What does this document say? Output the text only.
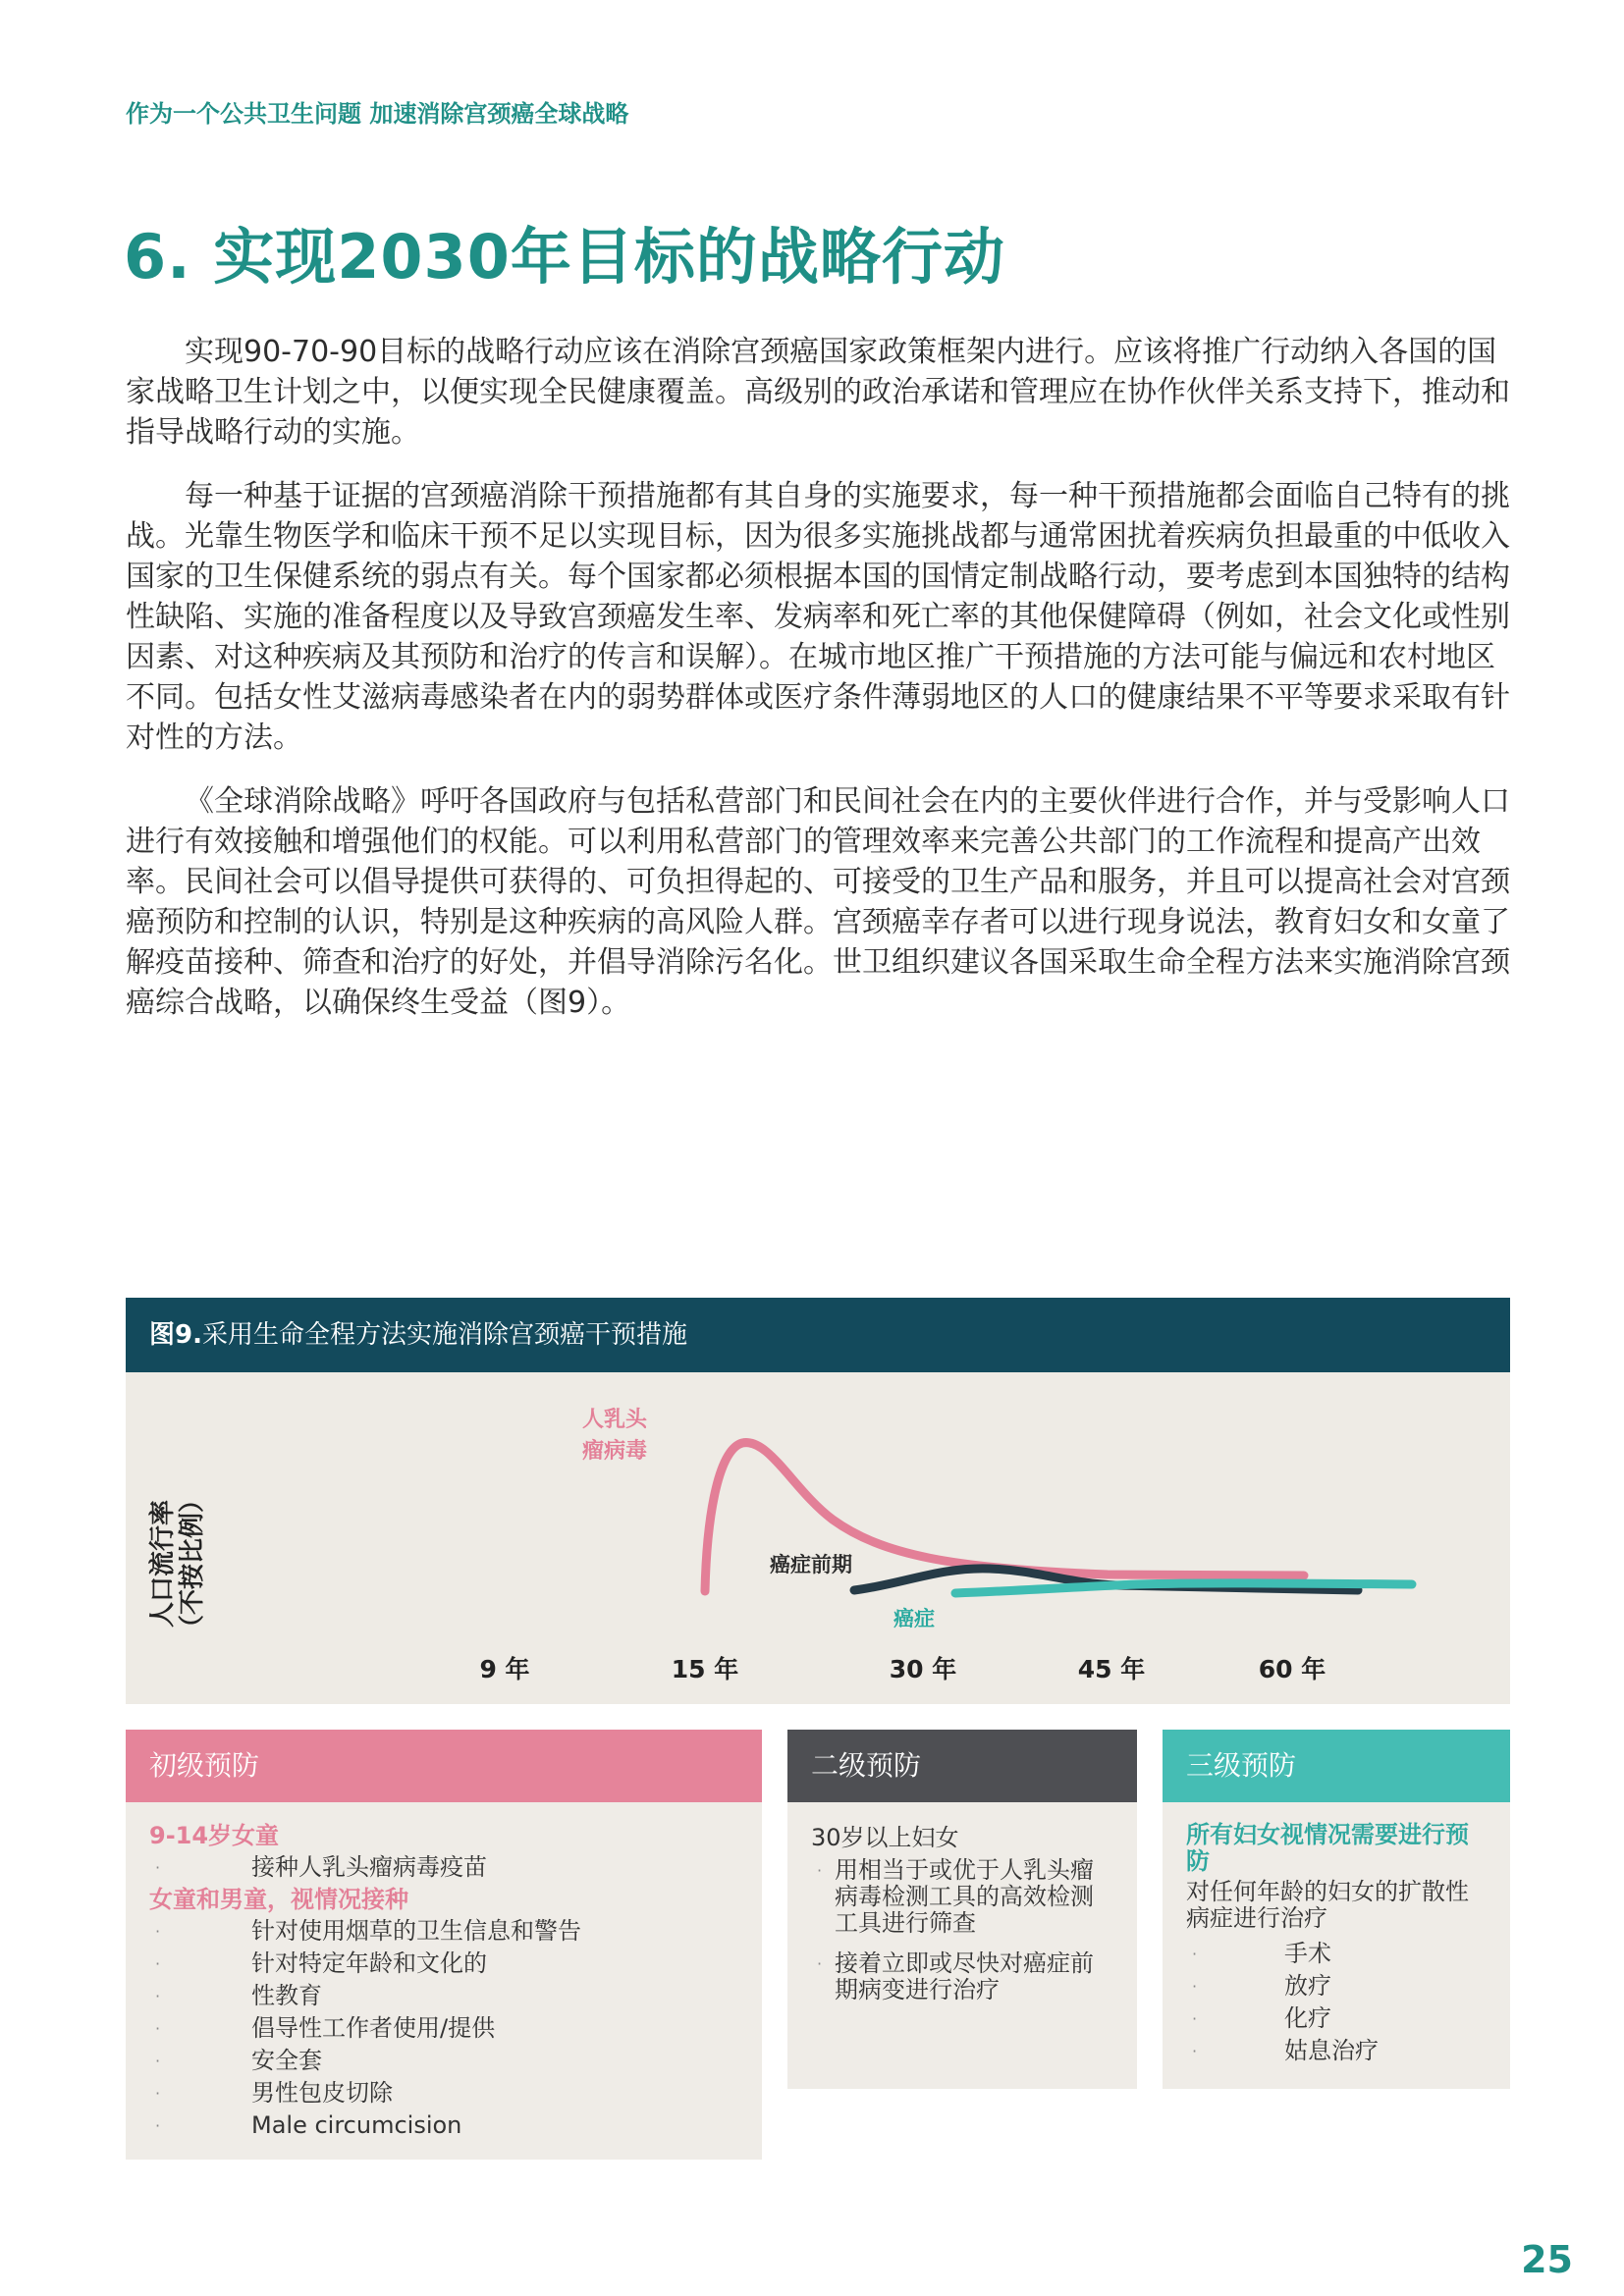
作为一个公共卫生问题 加速消除宫颈癌全球战略
6. 实现2030年目标的战略行动

实现90-70-90目标的战略行动应该在消除宫颈癌国家政策框架内进行。应该将推广行动纳入各国的国家战略卫生计划之中，以便实现全民健康覆盖。高级别的政治承诺和管理应在协作伙伴关系支持下，推动和指导战略行动的实施。

每一种基于证据的宫颈癌消除干预措施都有其自身的实施要求，每一种干预措施都会面临自己特有的挑战。光靠生物医学和临床干预不足以实现目标，因为很多实施挑战都与通常困扰着疾病负担最重的中低收入国家的卫生保健系统的弱点有关。每个国家都必须根据本国的国情定制战略行动，要考虑到本国独特的结构性缺陷、实施的准备程度以及导致宫颈癌发生率、发病率和死亡率的其他保健障碍（例如，社会文化或性别因素、对这种疾病及其预防和治疗的传言和误解）。在城市地区推广干预措施的方法可能与偏远和农村地区不同。包括女性艾滋病毒感染者在内的弱势群体或医疗条件薄弱地区的人口的健康结果不平等要求采取有针对性的方法。

《全球消除战略》呼吁各国政府与包括私营部门和民间社会在内的主要伙伴进行合作，并与受影响人口进行有效接触和增强他们的权能。可以利用私营部门的管理效率来完善公共部门的工作流程和提高产出效率。民间社会可以倡导提供可获得的、可负担得起的、可接受的卫生产品和服务，并且可以提高社会对宫颈癌预防和控制的认识，特别是这种疾病的高风险人群。宫颈癌幸存者可以进行现身说法，教育妇女和女童了解疫苗接种、筛查和治疗的好处，并倡导消除污名化。世卫组织建议各国采取生命全程方法来实施消除宫颈癌综合战略，以确保终生受益（图9）。

图9.采用生命全程方法实施消除宫颈癌干预措施
人口流行率 （不按比例）
人乳头
瘤病毒
癌症前期
癌症
9 年	15 年	30 年	45 年	60 年
初级预防
9-14岁女童
·	接种人乳头瘤病毒疫苗
女童和男童，视情况接种
·	针对使用烟草的卫生信息和警告
·	针对特定年龄和文化的
·	性教育
·	倡导性工作者使用/提供
·	安全套
·	男性包皮切除
·	Male circumcision
二级预防
30岁以上妇女
· 用相当于或优于人乳头瘤病毒检测工具的高效检测工具进行筛查
· 接着立即或尽快对癌症前期病变进行治疗
三级预防
所有妇女视情况需要进行预防
对任何年龄的妇女的扩散性病症进行治疗
·	手术
·	放疗
·	化疗
·	姑息治疗
25
